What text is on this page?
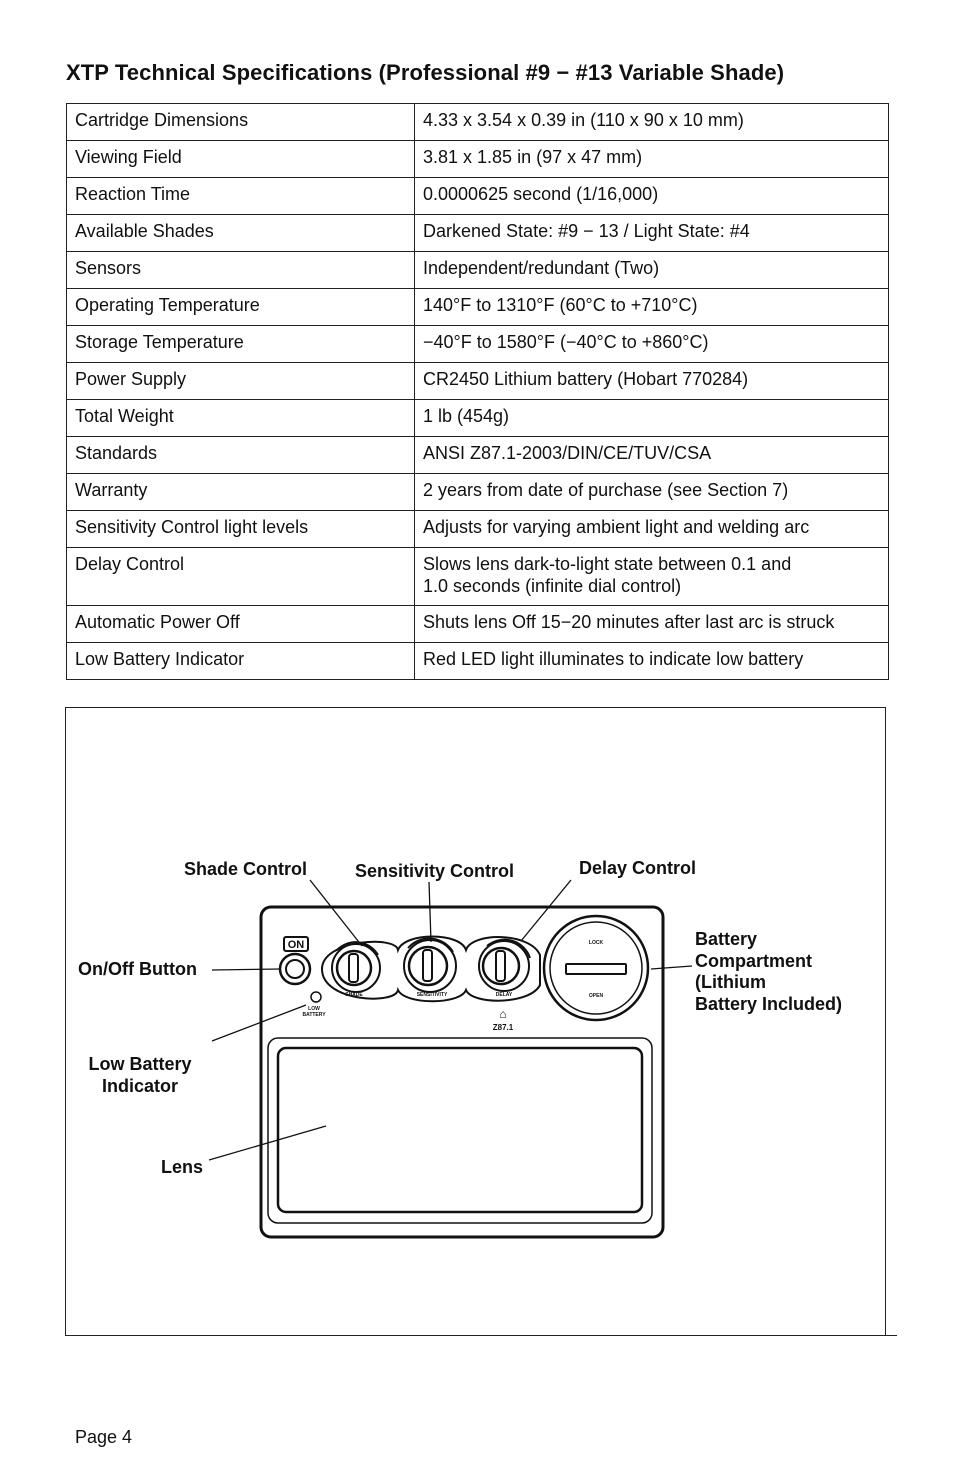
XTP Technical Specifications (Professional #9 − #13 Variable Shade)
Cartridge Dimensions	4.33 x 3.54 x 0.39 in (110 x 90 x 10 mm)
Viewing Field	3.81 x 1.85 in (97 x 47 mm)
Reaction Time	0.0000625 second (1/16,000)
Available Shades	Darkened State: #9 − 13 / Light State: #4
Sensors	Independent/redundant (Two)
Operating Temperature	140°F to 1310°F (60°C to +710°C)
Storage Temperature	−40°F to 1580°F (−40°C to +860°C)
Power Supply	CR2450 Lithium battery (Hobart 770284)
Total Weight	1 lb (454g)
Standards	ANSI Z87.1-2003/DIN/CE/TUV/CSA
Warranty	2 years from date of purchase (see Section 7)
Sensitivity Control light levels	Adjusts for varying ambient light and welding arc
Delay Control	Slows lens dark-to-light state between 0.1 and
1.0 seconds (infinite dial control)

Automatic Power Off	Shuts lens Off 15−20 minutes after last arc is struck
Low Battery Indicator	Red LED light illuminates to indicate low battery
ON
LOW
BATTERY
SHADE	SENSITIVITY	DELAY
⌂
Z87.1
LOCK
OPEN
Shade Control	Sensitivity Control	Delay Control
On/Off Button
Battery
Compartment
(Lithium
Battery Included)
Low Battery
Indicator
Lens
Page 4
